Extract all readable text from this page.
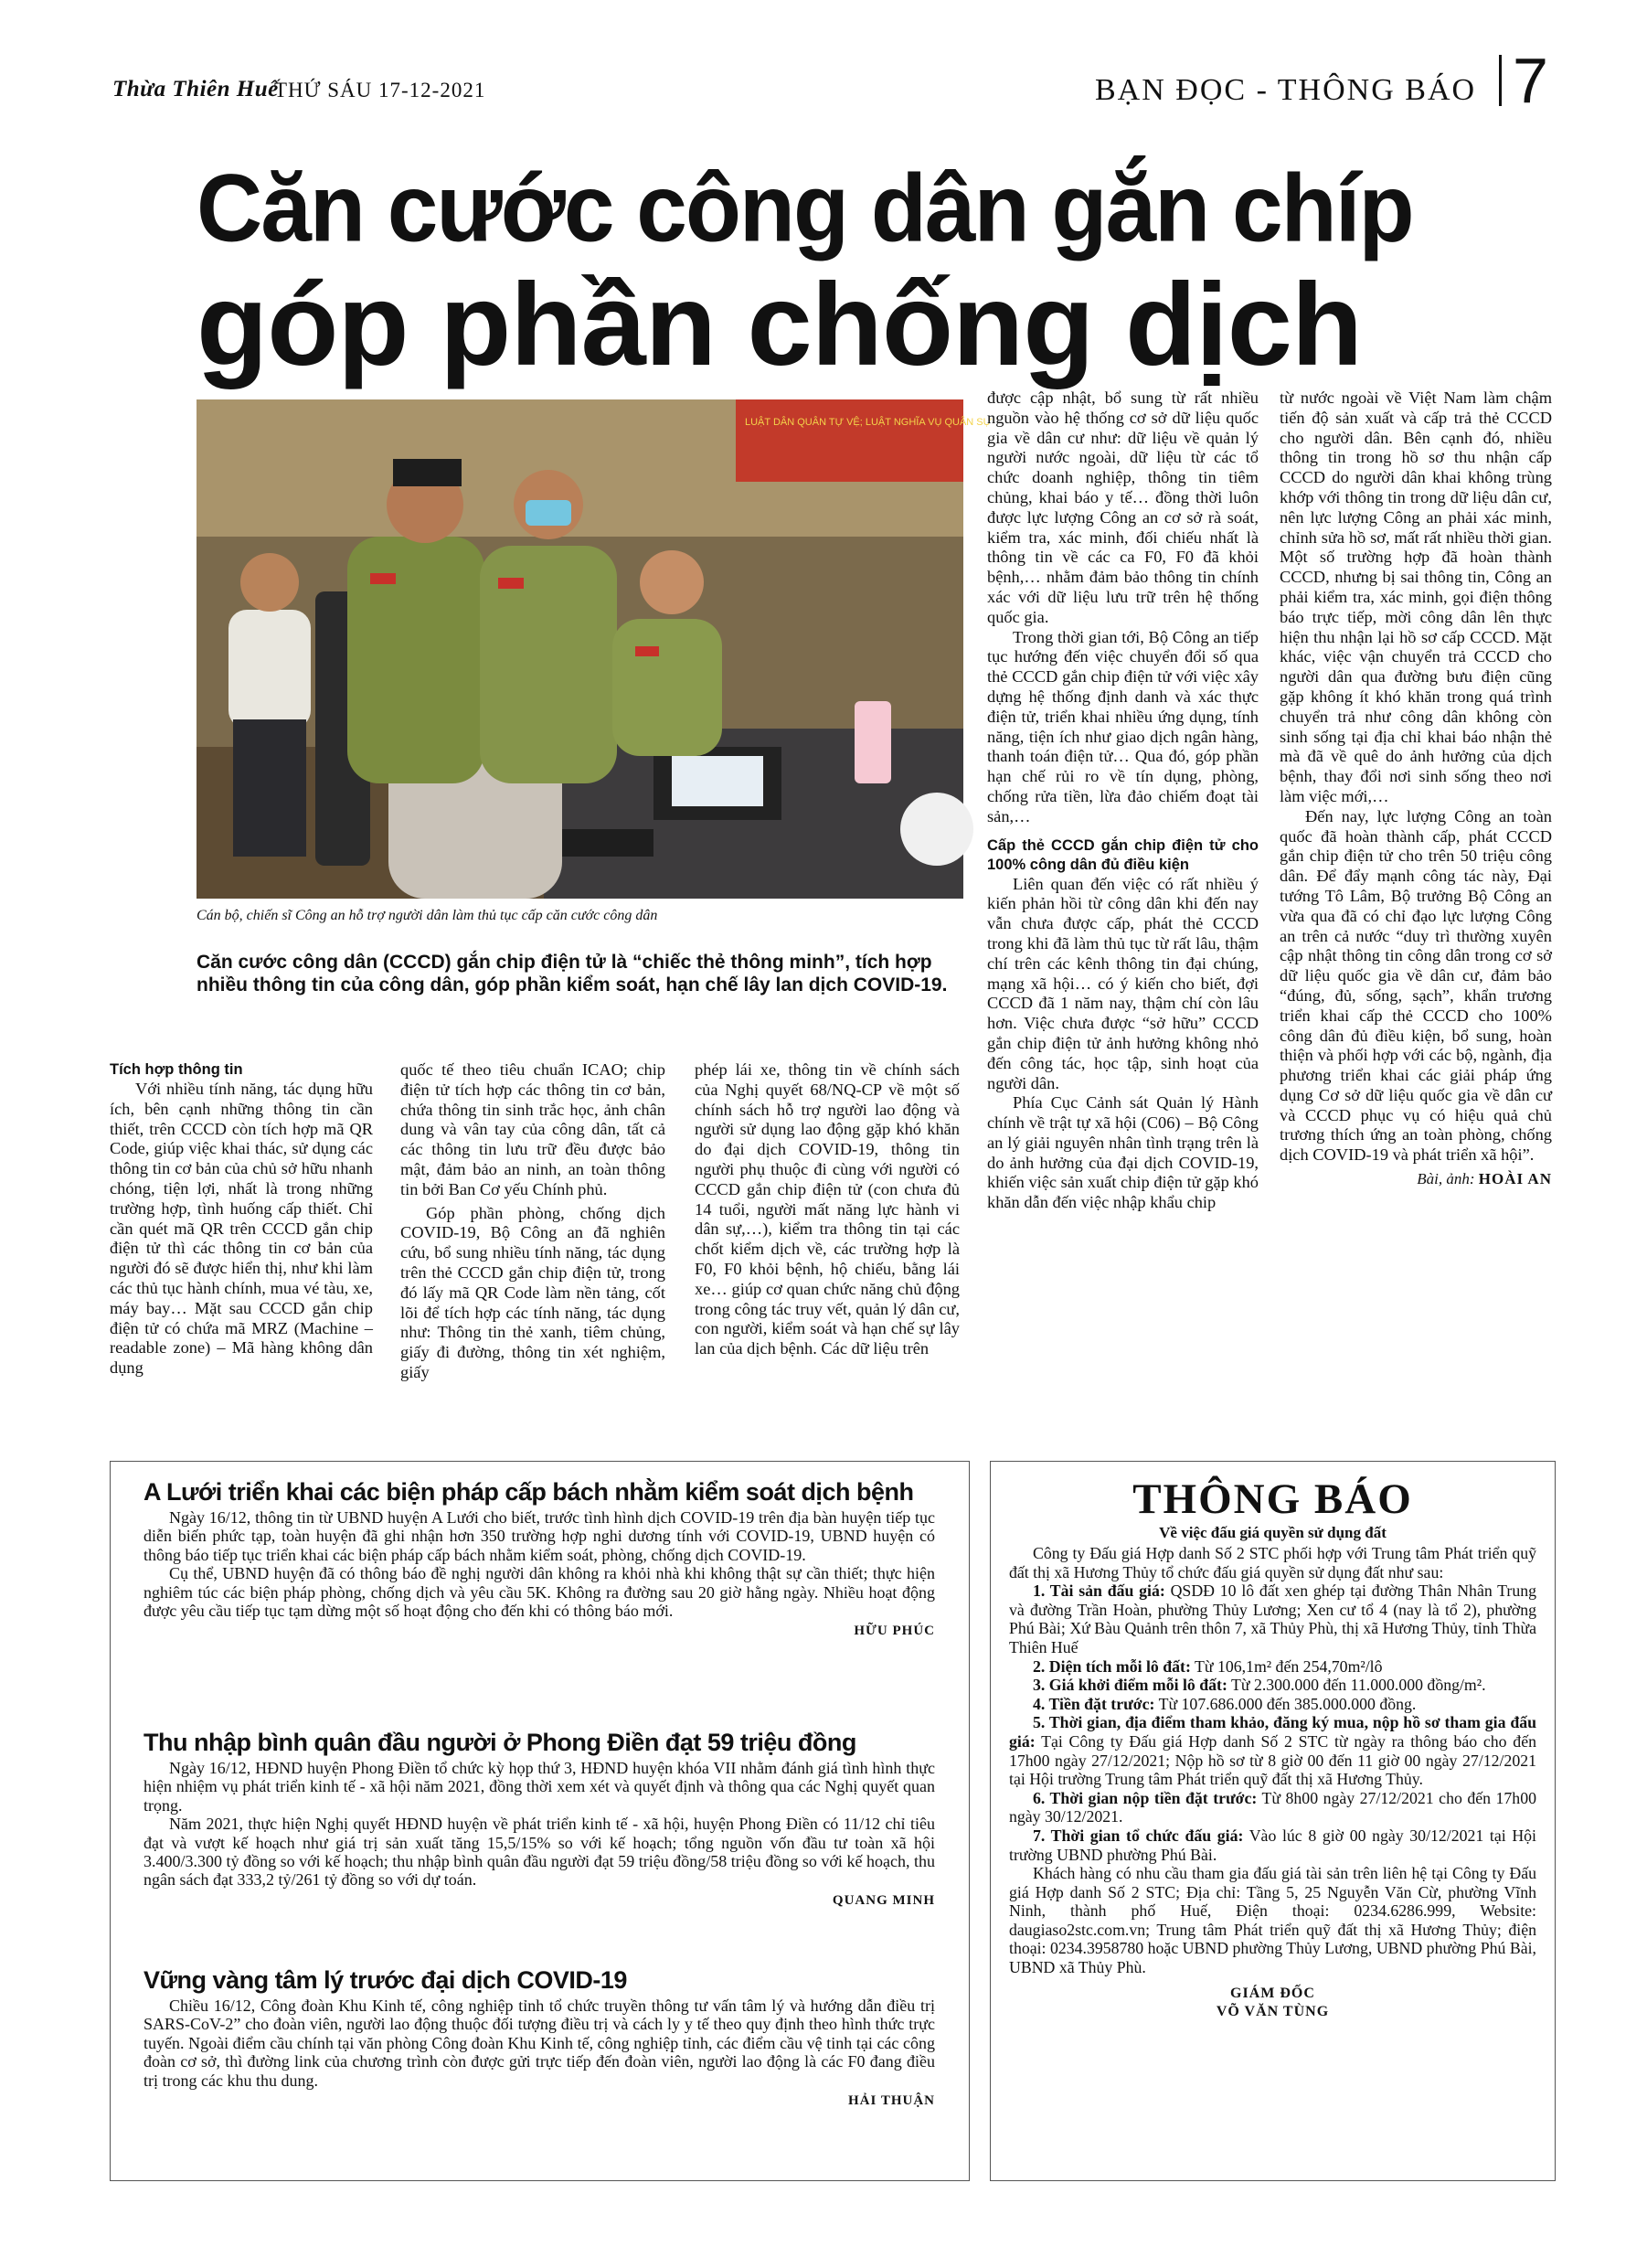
Thừa Thiên Huế
THỨ SÁU 17-12-2021	BẠN ĐỌC - THÔNG BÁO 7
Căn cước công dân gắn chíp
góp phần chống dịch
LUẬT DÂN QUÂN TỰ VỆ; LUẬT NGHĨA VỤ QUÂN SỰ
Cán bộ, chiến sĩ Công an hỗ trợ người dân làm thủ tục cấp căn cước công dân
Căn cước công dân (CCCD) gắn chip điện tử là “chiếc thẻ thông minh”, tích hợp nhiều thông tin của công dân, góp phần kiểm soát, hạn chế lây lan dịch COVID-19.

Tích hợp thông tin

Với nhiều tính năng, tác dụng hữu ích, bên cạnh những thông tin cần thiết, trên CCCD còn tích hợp mã QR Code, giúp việc khai thác, sử dụng các thông tin cơ bản của chủ sở hữu nhanh chóng, tiện lợi, nhất là trong những trường hợp, tình huống cấp thiết. Chỉ cần quét mã QR trên CCCD gắn chip điện tử thì các thông tin cơ bản của người đó sẽ được hiển thị, như khi làm các thủ tục hành chính, mua vé tàu, xe, máy bay… Mặt sau CCCD gắn chip điện tử có chứa mã MRZ (Machine – readable zone) – Mã hàng không dân dụng

quốc tế theo tiêu chuẩn ICAO; chip điện tử tích hợp các thông tin cơ bản, chứa thông tin sinh trắc học, ảnh chân dung và vân tay của công dân, tất cả các thông tin lưu trữ đều được bảo mật, đảm bảo an ninh, an toàn thông tin bởi Ban Cơ yếu Chính phủ.

Góp phần phòng, chống dịch COVID-19, Bộ Công an đã nghiên cứu, bổ sung nhiều tính năng, tác dụng trên thẻ CCCD gắn chip điện tử, trong đó lấy mã QR Code làm nền tảng, cốt lõi để tích hợp các tính năng, tác dụng như: Thông tin thẻ xanh, tiêm chủng, giấy đi đường, thông tin xét nghiệm, giấy

phép lái xe, thông tin về chính sách của Nghị quyết 68/NQ-CP về một số chính sách hỗ trợ người lao động và người sử dụng lao động gặp khó khăn do đại dịch COVID-19, thông tin người phụ thuộc đi cùng với người có CCCD gắn chip điện tử (con chưa đủ 14 tuổi, người mất năng lực hành vi dân sự,…), kiểm tra thông tin tại các chốt kiểm dịch về, các trường hợp là F0, F0 khỏi bệnh, hộ chiếu, bằng lái xe… giúp cơ quan chức năng chủ động trong công tác truy vết, quản lý dân cư, con người, kiểm soát và hạn chế sự lây lan của dịch bệnh. Các dữ liệu trên

được cập nhật, bổ sung từ rất nhiều nguồn vào hệ thống cơ sở dữ liệu quốc gia về dân cư như: dữ liệu về quản lý người nước ngoài, dữ liệu từ các tổ chức doanh nghiệp, thông tin tiêm chủng, khai báo y tế… đồng thời luôn được lực lượng Công an cơ sở rà soát, kiểm tra, xác minh, đối chiếu nhất là thông tin về các ca F0, F0 đã khỏi bệnh,… nhằm đảm bảo thông tin chính xác với dữ liệu lưu trữ trên hệ thống quốc gia.

Trong thời gian tới, Bộ Công an tiếp tục hướng đến việc chuyển đổi số qua thẻ CCCD gắn chip điện tử với việc xây dựng hệ thống định danh và xác thực điện tử, triển khai nhiều ứng dụng, tính năng, tiện ích như giao dịch ngân hàng, thanh toán điện tử… Qua đó, góp phần hạn chế rủi ro về tín dụng, phòng, chống rửa tiền, lừa đảo chiếm đoạt tài sản,…

Cấp thẻ CCCD gắn chip điện tử cho 100% công dân đủ điều kiện

Liên quan đến việc có rất nhiều ý kiến phản hồi từ công dân khi đến nay vẫn chưa được cấp, phát thẻ CCCD trong khi đã làm thủ tục từ rất lâu, thậm chí trên các kênh thông tin đại chúng, mạng xã hội… có ý kiến cho biết, đợi CCCD đã 1 năm nay, thậm chí còn lâu hơn. Việc chưa được “sở hữu” CCCD gắn chip điện tử ảnh hưởng không nhỏ đến công tác, học tập, sinh hoạt của người dân.

Phía Cục Cảnh sát Quản lý Hành chính về trật tự xã hội (C06) – Bộ Công an lý giải nguyên nhân tình trạng trên là do ảnh hưởng của đại dịch COVID-19, khiến việc sản xuất chip điện tử gặp khó khăn dẫn đến việc nhập khẩu chip

từ nước ngoài về Việt Nam làm chậm tiến độ sản xuất và cấp trả thẻ CCCD cho người dân. Bên cạnh đó, nhiều thông tin trong hồ sơ thu nhận cấp CCCD do người dân khai không trùng khớp với thông tin trong dữ liệu dân cư, nên lực lượng Công an phải xác minh, chỉnh sửa hồ sơ, mất rất nhiều thời gian. Một số trường hợp đã hoàn thành CCCD, nhưng bị sai thông tin, Công an phải kiểm tra, xác minh, gọi điện thông báo trực tiếp, mời công dân lên thực hiện thu nhận lại hồ sơ cấp CCCD. Mặt khác, việc vận chuyển trả CCCD cho người dân qua đường bưu điện cũng gặp không ít khó khăn trong quá trình chuyển trả như công dân không còn sinh sống tại địa chỉ khai báo nhận thẻ mà đã về quê do ảnh hưởng của dịch bệnh, thay đổi nơi sinh sống theo nơi làm việc mới,…

Đến nay, lực lượng Công an toàn quốc đã hoàn thành cấp, phát CCCD gắn chip điện tử cho trên 50 triệu công dân. Để đẩy mạnh công tác này, Đại tướng Tô Lâm, Bộ trưởng Bộ Công an vừa qua đã có chỉ đạo lực lượng Công an trên cả nước “duy trì thường xuyên cập nhật thông tin công dân trong cơ sở dữ liệu quốc gia về dân cư, đảm bảo “đúng, đủ, sống, sạch”, khẩn trương triển khai cấp thẻ CCCD cho 100% công dân đủ điều kiện, bổ sung, hoàn thiện và phối hợp với các bộ, ngành, địa phương triển khai các giải pháp ứng dụng Cơ sở dữ liệu quốc gia về dân cư và CCCD phục vụ có hiệu quả chủ trương thích ứng an toàn phòng, chống dịch COVID-19 và phát triển xã hội”.

Bài, ảnh: HOÀI AN
A Lưới triển khai các biện pháp cấp bách nhằm kiểm soát dịch bệnh

Ngày 16/12, thông tin từ UBND huyện A Lưới cho biết, trước tình hình dịch COVID-19 trên địa bàn huyện tiếp tục diễn biến phức tạp, toàn huyện đã ghi nhận hơn 350 trường hợp nghi dương tính với COVID-19, UBND huyện có thông báo tiếp tục triển khai các biện pháp cấp bách nhằm kiểm soát, phòng, chống dịch COVID-19.

Cụ thể, UBND huyện đã có thông báo đề nghị người dân không ra khỏi nhà khi không thật sự cần thiết; thực hiện nghiêm túc các biện pháp phòng, chống dịch và yêu cầu 5K. Không ra đường sau 20 giờ hằng ngày. Nhiều hoạt động được yêu cầu tiếp tục tạm dừng một số hoạt động cho đến khi có thông báo mới.

HỮU PHÚC
Thu nhập bình quân đầu người ở Phong Điền đạt 59 triệu đồng

Ngày 16/12, HĐND huyện Phong Điền tổ chức kỳ họp thứ 3, HĐND huyện khóa VII nhằm đánh giá tình hình thực hiện nhiệm vụ phát triển kinh tế - xã hội năm 2021, đồng thời xem xét và quyết định và thông qua các Nghị quyết quan trọng.

Năm 2021, thực hiện Nghị quyết HĐND huyện về phát triển kinh tế - xã hội, huyện Phong Điền có 11/12 chỉ tiêu đạt và vượt kế hoạch như giá trị sản xuất tăng 15,5/15% so với kế hoạch; tổng nguồn vốn đầu tư toàn xã hội 3.400/3.300 tỷ đồng so với kế hoạch; thu nhập bình quân đầu người đạt 59 triệu đồng/58 triệu đồng so với kế hoạch, thu ngân sách đạt 333,2 tỷ/261 tỷ đồng so với dự toán.

QUANG MINH
Vững vàng tâm lý trước đại dịch COVID-19

Chiều 16/12, Công đoàn Khu Kinh tế, công nghiệp tỉnh tổ chức truyền thông tư vấn tâm lý và hướng dẫn điều trị SARS-CoV-2” cho đoàn viên, người lao động thuộc đối tượng điều trị và cách ly y tế theo quy định theo hình thức trực tuyến. Ngoài điểm cầu chính tại văn phòng Công đoàn Khu Kinh tế, công nghiệp tỉnh, các điểm cầu vệ tinh tại các công đoàn cơ sở, thì đường link của chương trình còn được gửi trực tiếp đến đoàn viên, người lao động là các F0 đang điều trị trong các khu thu dung.

HẢI THUẬN
THÔNG BÁO
Về việc đấu giá quyền sử dụng đất

Công ty Đấu giá Hợp danh Số 2 STC phối hợp với Trung tâm Phát triển quỹ đất thị xã Hương Thủy tổ chức đấu giá quyền sử dụng đất như sau:

1. Tài sản đấu giá: QSDĐ 10 lô đất xen ghép tại đường Thân Nhân Trung và đường Trần Hoàn, phường Thủy Lương; Xen cư tổ 4 (nay là tổ 2), phường Phú Bài; Xứ Bàu Quảnh trên thôn 7, xã Thủy Phù, thị xã Hương Thủy, tỉnh Thừa Thiên Huế

2. Diện tích mỗi lô đất: Từ 106,1m² đến 254,70m²/lô

3. Giá khởi điểm mỗi lô đất: Từ 2.300.000 đến 11.000.000 đồng/m².

4. Tiền đặt trước: Từ 107.686.000 đến 385.000.000 đồng.

5. Thời gian, địa điểm tham khảo, đăng ký mua, nộp hồ sơ tham gia đấu giá: Tại Công ty Đấu giá Hợp danh Số 2 STC từ ngày ra thông báo cho đến 17h00 ngày 27/12/2021; Nộp hồ sơ từ 8 giờ 00 đến 11 giờ 00 ngày 27/12/2021 tại Hội trường Trung tâm Phát triển quỹ đất thị xã Hương Thủy.

6. Thời gian nộp tiền đặt trước: Từ 8h00 ngày 27/12/2021 cho đến 17h00 ngày 30/12/2021.

7. Thời gian tổ chức đấu giá: Vào lúc 8 giờ 00 ngày 30/12/2021 tại Hội trường UBND phường Phú Bài.

Khách hàng có nhu cầu tham gia đấu giá tài sản trên liên hệ tại Công ty Đấu giá Hợp danh Số 2 STC; Địa chỉ: Tầng 5, 25 Nguyễn Văn Cừ, phường Vĩnh Ninh, thành phố Huế, Điện thoại: 0234.6286.999, Website: daugiaso2stc.com.vn; Trung tâm Phát triển quỹ đất thị xã Hương Thủy; điện thoại: 0234.3958780 hoặc UBND phường Thủy Lương, UBND phường Phú Bài, UBND xã Thủy Phù.

GIÁM ĐỐC
VÕ VĂN TÙNG
